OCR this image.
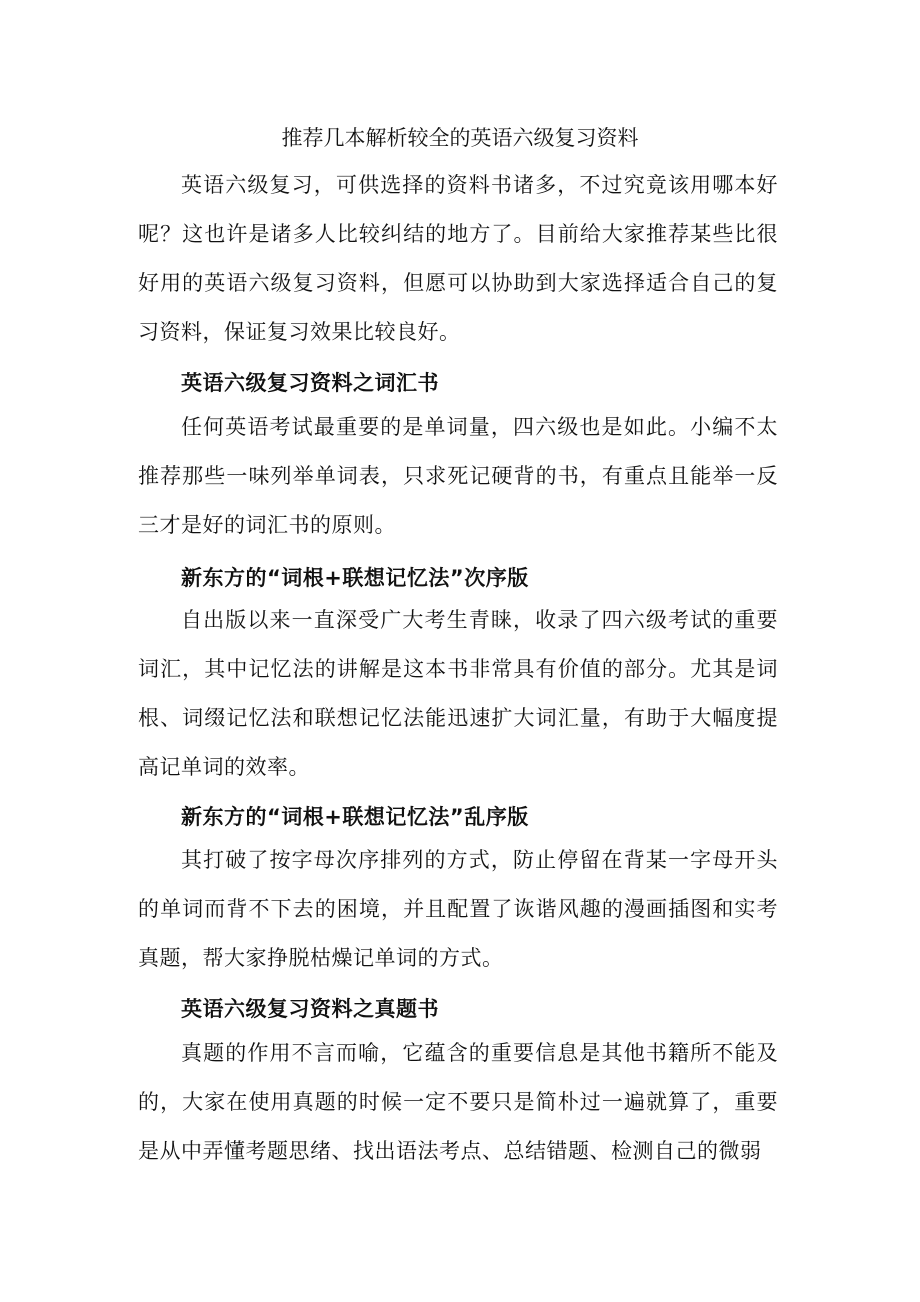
推荐几本解析较全的英语六级复习资料

英语六级复习，可供选择的资料书诸多，不过究竟该用哪本好呢？这也许是诸多人比较纠结的地方了。目前给大家推荐某些比很好用的英语六级复习资料，但愿可以协助到大家选择适合自己的复习资料，保证复习效果比较良好。

英语六级复习资料之词汇书

任何英语考试最重要的是单词量，四六级也是如此。小编不太推荐那些一味列举单词表，只求死记硬背的书，有重点且能举一反三才是好的词汇书的原则。

新东方的“词根+联想记忆法”次序版

自出版以来一直深受广大考生青睐，收录了四六级考试的重要词汇，其中记忆法的讲解是这本书非常具有价值的部分。尤其是词根、词缀记忆法和联想记忆法能迅速扩大词汇量，有助于大幅度提高记单词的效率。

新东方的“词根+联想记忆法”乱序版

其打破了按字母次序排列的方式，防止停留在背某一字母开头的单词而背不下去的困境，并且配置了诙谐风趣的漫画插图和实考真题，帮大家挣脱枯燥记单词的方式。

英语六级复习资料之真题书

真题的作用不言而喻，它蕴含的重要信息是其他书籍所不能及的，大家在使用真题的时候一定不要只是简朴过一遍就算了，重要是从中弄懂考题思绪、找出语法考点、总结错题、检测自己的微弱
